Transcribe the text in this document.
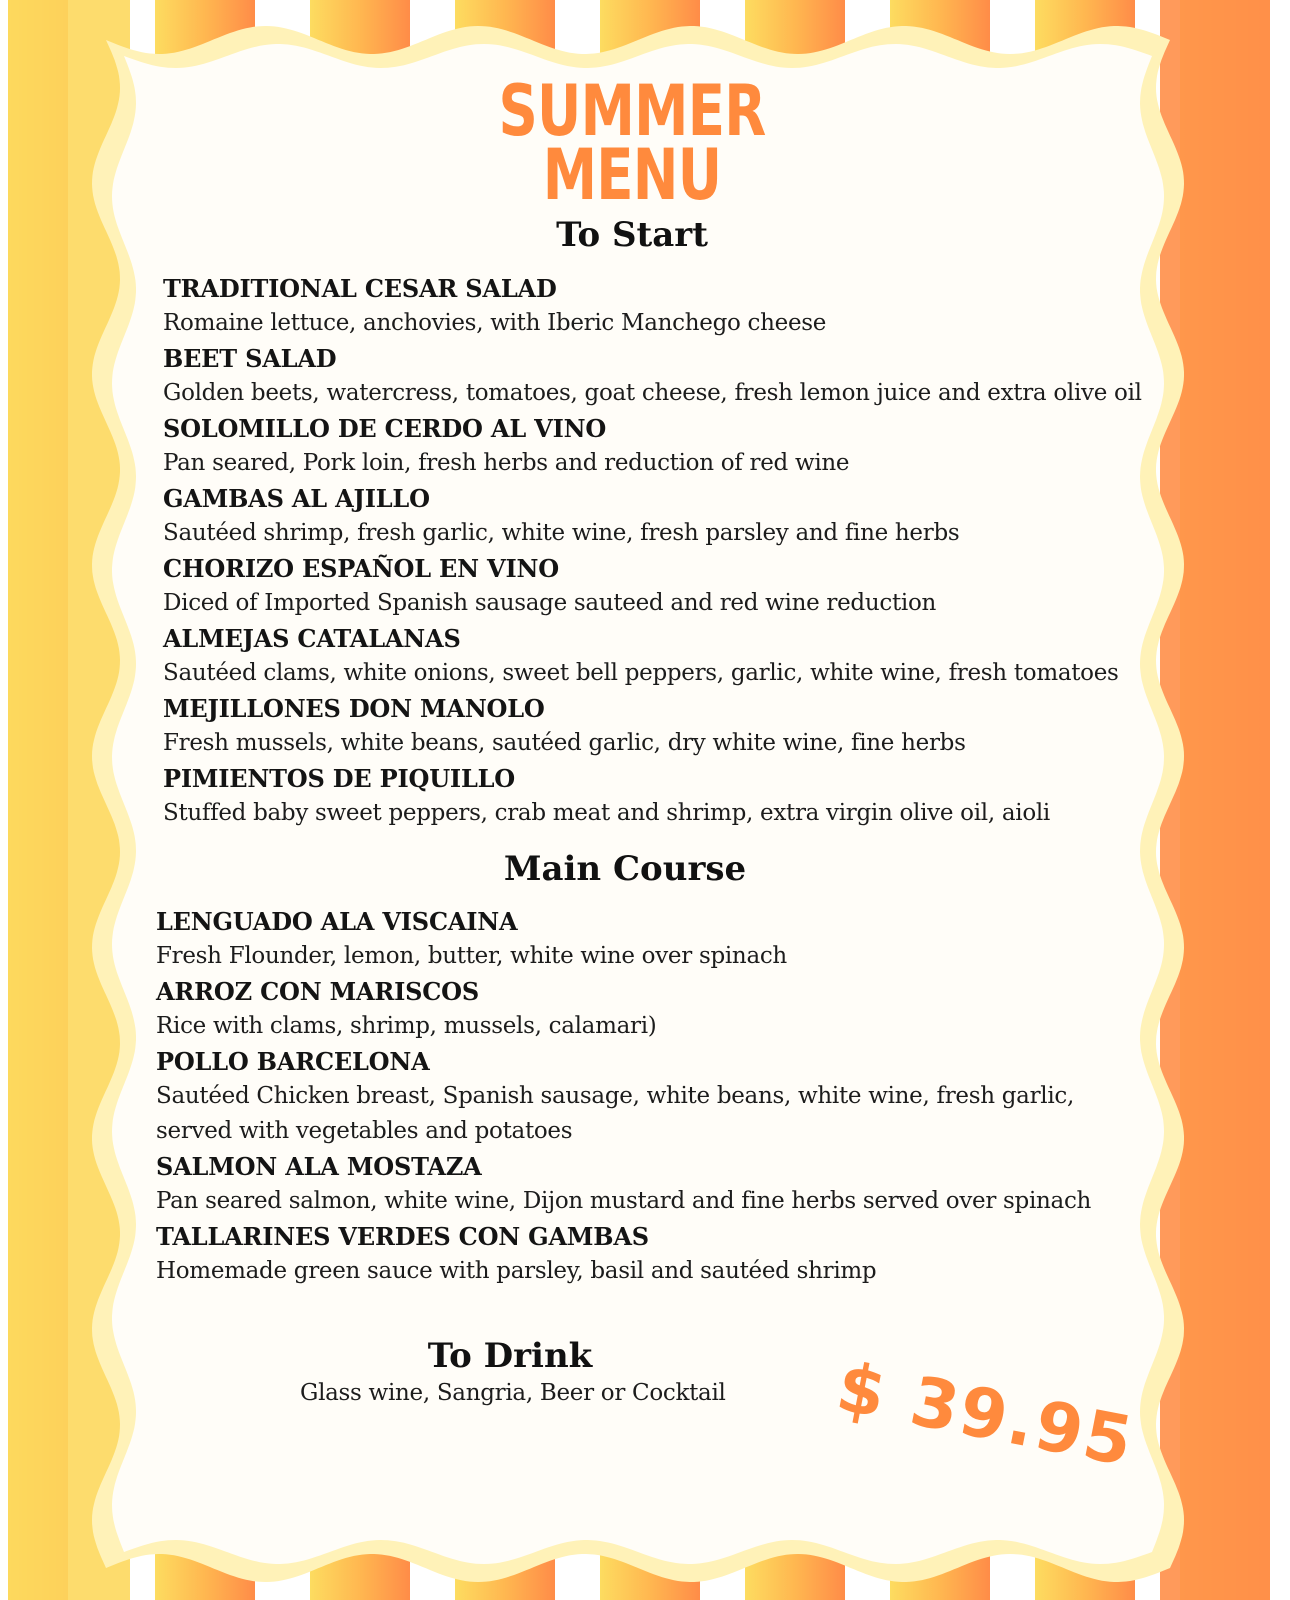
SUMMER
MENU
To Start
TRADITIONAL CESAR SALAD
Romaine lettuce, anchovies, with Iberic Manchego cheese
BEET SALAD
Golden beets, watercress, tomatoes, goat cheese, fresh lemon juice and extra olive oil
SOLOMILLO DE CERDO AL VINO
Pan seared, Pork loin, fresh herbs and reduction of red wine
GAMBAS AL AJILLO
Sautéed shrimp, fresh garlic, white wine, fresh parsley and fine herbs
CHORIZO ESPAÑOL EN VINO
Diced of Imported Spanish sausage sauteed and red wine reduction
ALMEJAS CATALANAS
Sautéed clams, white onions, sweet bell peppers, garlic, white wine, fresh tomatoes
MEJILLONES DON MANOLO
Fresh mussels, white beans, sautéed garlic, dry white wine, fine herbs
PIMIENTOS DE PIQUILLO
Stuffed baby sweet peppers, crab meat and shrimp, extra virgin olive oil, aioli
Main Course
LENGUADO ALA VISCAINA
Fresh Flounder, lemon, butter, white wine over spinach
ARROZ CON MARISCOS
Rice with clams, shrimp, mussels, calamari)
POLLO BARCELONA
Sautéed Chicken breast, Spanish sausage, white beans, white wine, fresh garlic, served with vegetables and potatoes
SALMON ALA MOSTAZA
Pan seared salmon, white wine, Dijon mustard and fine herbs served over spinach
TALLARINES VERDES CON GAMBAS
Homemade green sauce with parsley, basil and sautéed shrimp
To Drink
Glass wine, Sangria, Beer or Cocktail $ 39.95
